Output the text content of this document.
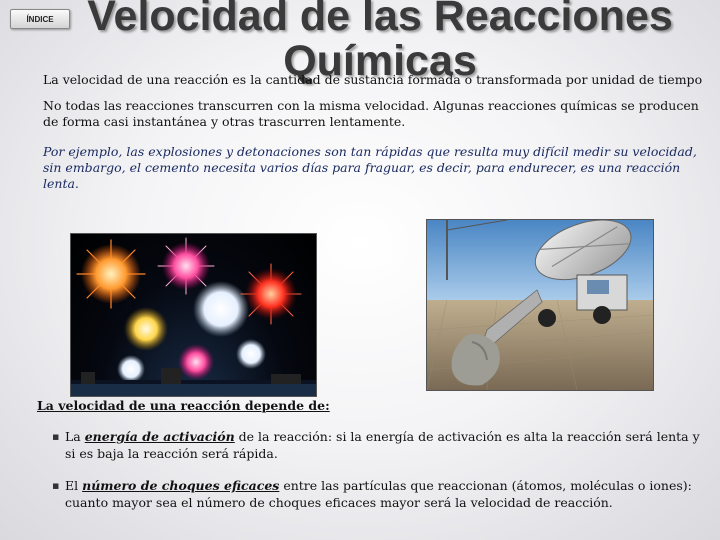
ÍNDICE Velocidad de las Reacciones Químicas
La velocidad de una reacción es la cantidad de sustancia formada o transformada por unidad de tiempo
No todas las reacciones transcurren con la misma velocidad. Algunas reacciones químicas se producen de forma casi instantánea y otras trascurren lentamente.
Por ejemplo, las explosiones y detonaciones son tan rápidas que resulta muy difícil medir su velocidad, sin embargo, el cemento necesita varios días para fraguar, es decir, para endurecer, es una reacción lenta.
La velocidad de una reacción depende de:
▪ La energía de activación de la reacción: si la energía de activación es alta la reacción será lenta y si es baja la reacción será rápida.
▪ El número de choques eficaces entre las partículas que reaccionan (átomos, moléculas o iones): cuanto mayor sea el número de choques eficaces mayor será la velocidad de reacción.
